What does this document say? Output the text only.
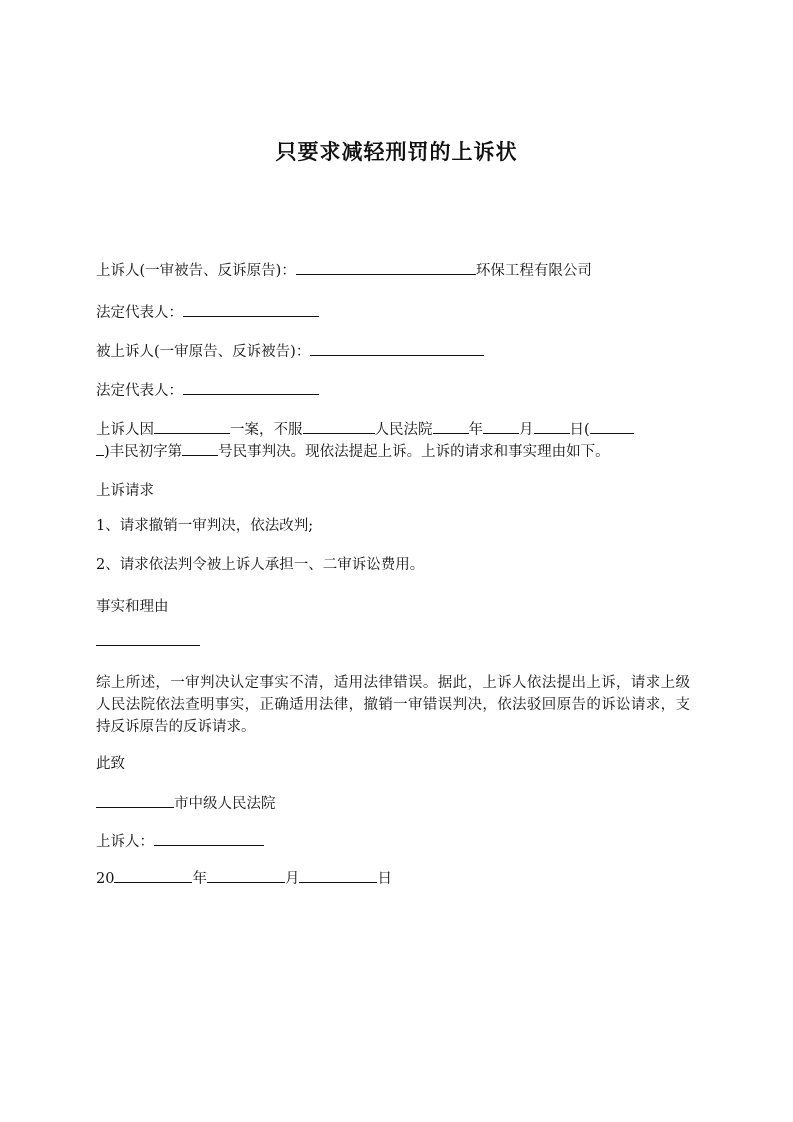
只要求减轻刑罚的上诉状
上诉人(一审被告、反诉原告)：	环保工程有限公司
法定代表人：
被上诉人(一审原告、反诉被告)：
法定代表人：
上诉人因	一案，不服	人民法院 年 月 日(
)丰民初字第 号民事判决。现依法提起上诉。上诉的请求和事实理由如下。
上诉请求
1、请求撤销一审判决，依法改判;
2、请求依法判令被上诉人承担一、二审诉讼费用。
事实和理由
综上所述，一审判决认定事实不清，适用法律错误。据此，上诉人依法提出上诉，请求上级人民法院依法查明事实，正确适用法律，撤销一审错误判决，依法驳回原告的诉讼请求，支持反诉原告的反诉请求。
此致
市中级人民法院
上诉人：
20	年	月	日
